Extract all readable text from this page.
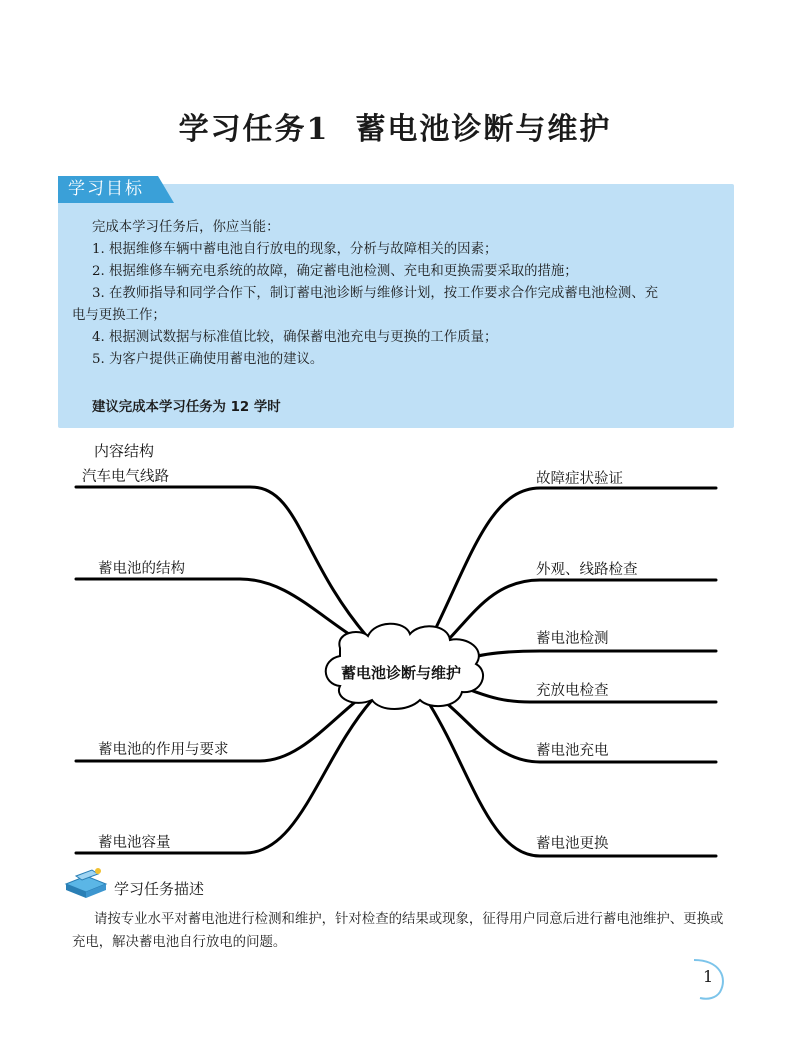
学习任务1 蓄电池诊断与维护
学习目标
完成本学习任务后，你应当能：
1. 根据维修车辆中蓄电池自行放电的现象，分析与故障相关的因素；
2. 根据维修车辆充电系统的故障，确定蓄电池检测、充电和更换需要采取的措施；
3. 在教师指导和同学合作下，制订蓄电池诊断与维修计划，按工作要求合作完成蓄电池检测、充
电与更换工作；
4. 根据测试数据与标准值比较，确保蓄电池充电与更换的工作质量；
5. 为客户提供正确使用蓄电池的建议。
建议完成本学习任务为 12 学时
内容结构
蓄电池诊断与维护
汽车电气线路
蓄电池的结构
蓄电池的作用与要求
蓄电池容量
故障症状验证
外观、线路检查
蓄电池检测
充放电检查
蓄电池充电
蓄电池更换
学习任务描述
请按专业水平对蓄电池进行检测和维护，针对检查的结果或现象，征得用户同意后进行蓄电池维护、更换或充电，解决蓄电池自行放电的问题。
1
